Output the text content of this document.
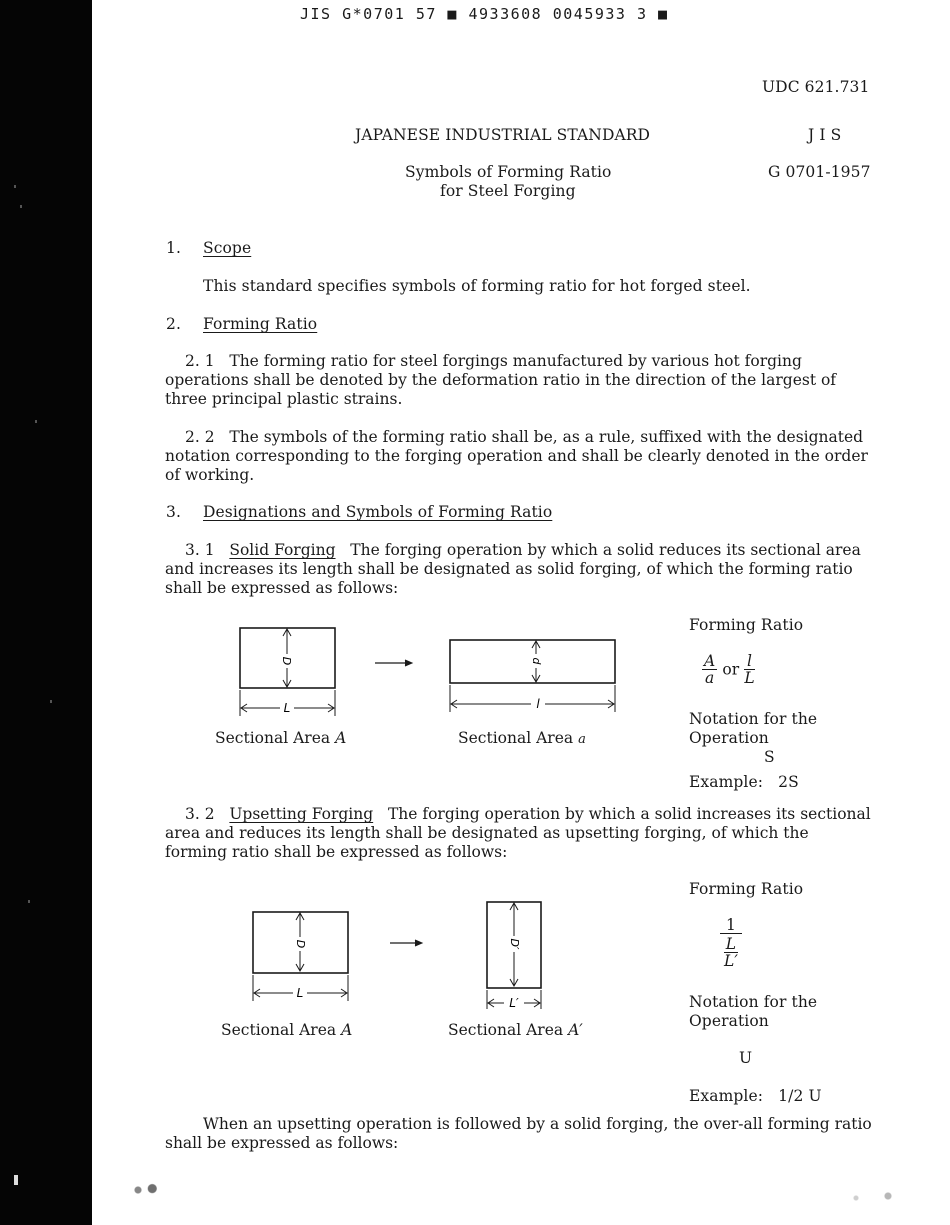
JIS G*0701 57 ■ 4933608 0045933 3 ■
UDC 621.731
JAPANESE INDUSTRIAL STANDARD	J I S
G 0701-1957
Symbols of Forming Ratio
for Steel Forging
1. Scope
This standard specifies symbols of forming ratio for hot forged steel.
2. Forming Ratio
2. 1 The forming ratio for steel forgings manufactured by various hot forging operations shall be denoted by the deformation ratio in the direction of the largest of three principal plastic strains.
2. 2 The symbols of the forming ratio shall be, as a rule, suffixed with the designated notation corresponding to the forging operation and shall be clearly denoted in the order of working.
3. Designations and Symbols of Forming Ratio
3. 1 Solid Forging The forging operation by which a solid reduces its sectional area and increases its length shall be designated as solid forging, of which the forming ratio shall be expressed as follows:
D
L
d
l
Sectional Area A	Sectional Area a
Forming Ratio
$\frac{A}{a}$ or $\frac{l}{L}$
Notation for the
Operation
S
Example: 2S
3. 2 Upsetting Forging The forging operation by which a solid increases its sectional area and reduces its length shall be designated as upsetting forging, of which the forming ratio shall be expressed as follows:
D
L
D′
L′
Sectional Area A	Sectional Area A′
Forming Ratio
1
L
L′
Notation for the
Operation
U
Example: 1/2 U
When an upsetting operation is followed by a solid forging, the over-all forming ratio shall be expressed as follows:
